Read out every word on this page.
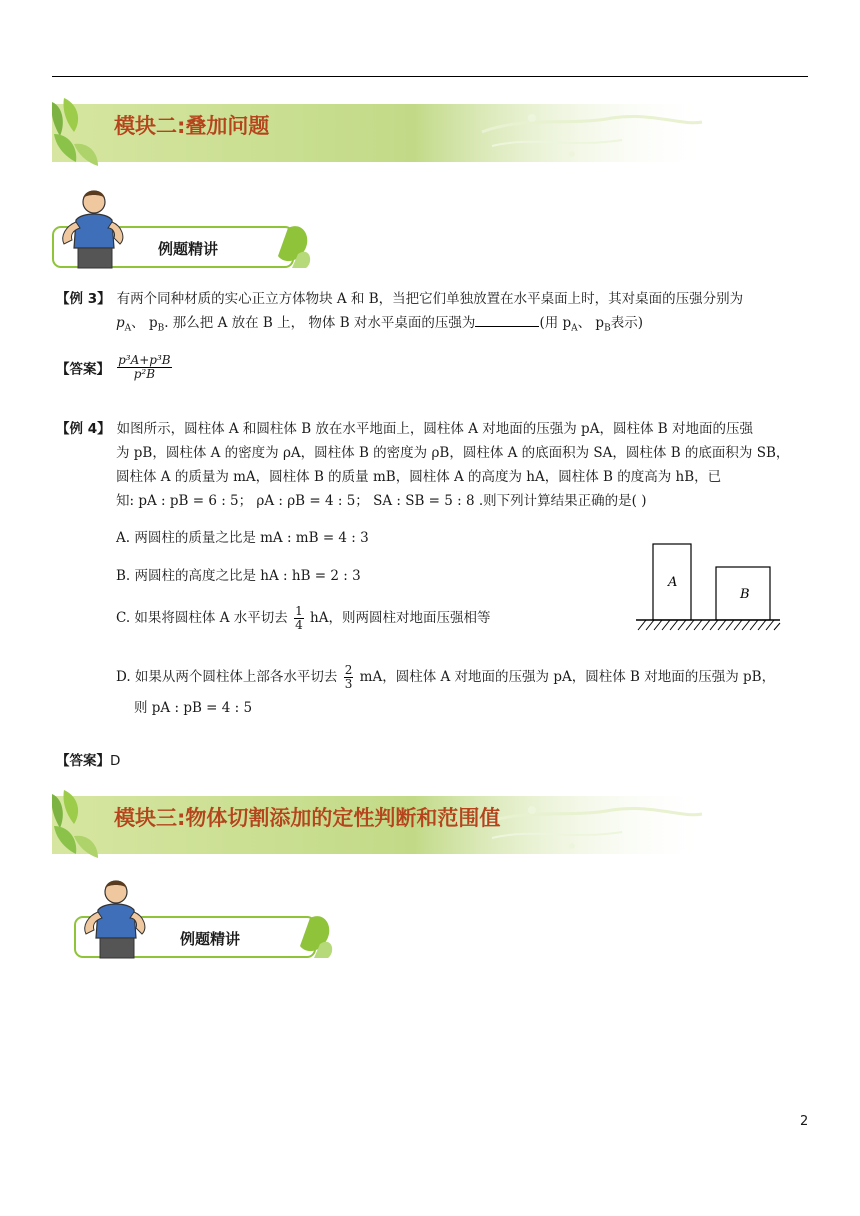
模块二:叠加问题
例题精讲
【例 3】 有两个同种材质的实心正立方体物块 A 和 B，当把它们单独放置在水平桌面上时，其对桌面的压强分别为
$p_A$、 $p_B$. 那么把 A 放在 B 上， 物体 B 对水平桌面的压强为	(用 $p_A$、 $p_B$表示)
【答案】 $\frac{\text{p³A+p³B}}{\text{p²B}}$
【例 4】 如图所示，圆柱体 A 和圆柱体 B 放在水平地面上，圆柱体 A 对地面的压强为 pA，圆柱体 B 对地面的压强
为 pB，圆柱体 A 的密度为 ρA，圆柱体 B 的密度为 ρB，圆柱体 A 的底面积为 SA，圆柱体 B 的底面积为 SB，
圆柱体 A 的质量为 mA，圆柱体 B 的质量 mB，圆柱体 A 的高度为 hA，圆柱体 B 的度高为 hB，已
知: pA : pB = 6 : 5； ρA : ρB = 4 : 5； SA : SB = 5 : 8 .则下列计算结果正确的是( )
A. 两圆柱的质量之比是 mA : mB = 4 : 3
B. 两圆柱的高度之比是 hA : hB = 2 : 3
C. 如果将圆柱体 A 水平切去 $\frac{1}{4}$ hA，则两圆柱对地面压强相等
D. 如果从两个圆柱体上部各水平切去 $\frac{2}{3}$ mA，圆柱体 A 对地面的压强为 pA，圆柱体 B 对地面的压强为 pB，
则 pA : pB = 4 : 5
A
B
【答案】D
模块三:物体切割添加的定性判断和范围值
例题精讲
2
